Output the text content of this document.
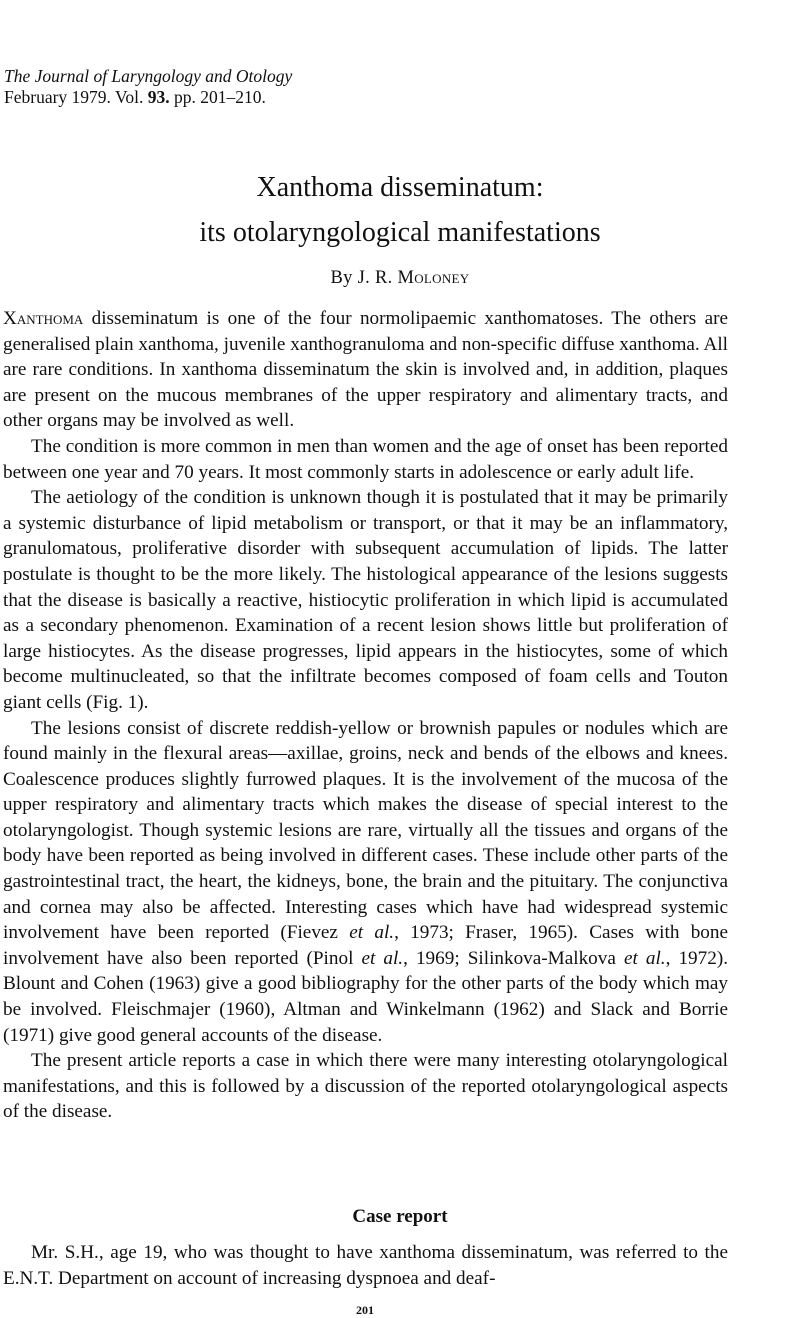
The Journal of Laryngology and Otology
February 1979. Vol. 93. pp. 201–210.
Xanthoma disseminatum:
its otolaryngological manifestations
By J. R. Moloney

Xanthoma disseminatum is one of the four normolipaemic xanthomatoses. The others are generalised plain xanthoma, juvenile xanthogranuloma and non-specific diffuse xanthoma. All are rare conditions. In xanthoma disseminatum the skin is involved and, in addition, plaques are present on the mucous membranes of the upper respiratory and alimentary tracts, and other organs may be involved as well.

The condition is more common in men than women and the age of onset has been reported between one year and 70 years. It most commonly starts in adolescence or early adult life.

The aetiology of the condition is unknown though it is postulated that it may be primarily a systemic disturbance of lipid metabolism or transport, or that it may be an inflammatory, granulomatous, proliferative disorder with subsequent accumulation of lipids. The latter postulate is thought to be the more likely. The histological appearance of the lesions suggests that the disease is basically a reactive, histiocytic proliferation in which lipid is accumulated as a secondary phenomenon. Examination of a recent lesion shows little but proliferation of large histiocytes. As the disease progresses, lipid appears in the histiocytes, some of which become multinucleated, so that the infiltrate becomes composed of foam cells and Touton giant cells (Fig. 1).

The lesions consist of discrete reddish-yellow or brownish papules or nodules which are found mainly in the flexural areas—axillae, groins, neck and bends of the elbows and knees. Coalescence produces slightly furrowed plaques. It is the involvement of the mucosa of the upper respiratory and alimentary tracts which makes the disease of special interest to the otolaryngologist. Though systemic lesions are rare, virtually all the tissues and organs of the body have been reported as being involved in different cases. These include other parts of the gastrointestinal tract, the heart, the kidneys, bone, the brain and the pituitary. The conjunctiva and cornea may also be affected. Interesting cases which have had widespread systemic involvement have been reported (Fievez et al., 1973; Fraser, 1965). Cases with bone involvement have also been reported (Pinol et al., 1969; Silinkova-Malkova et al., 1972). Blount and Cohen (1963) give a good bibliography for the other parts of the body which may be involved. Fleischmajer (1960), Altman and Winkelmann (1962) and Slack and Borrie (1971) give good general accounts of the disease.

The present article reports a case in which there were many interesting otolaryngological manifestations, and this is followed by a discussion of the reported otolaryngological aspects of the disease.

Case report

Mr. S.H., age 19, who was thought to have xanthoma disseminatum, was referred to the E.N.T. Department on account of increasing dyspnoea and deaf-

201
